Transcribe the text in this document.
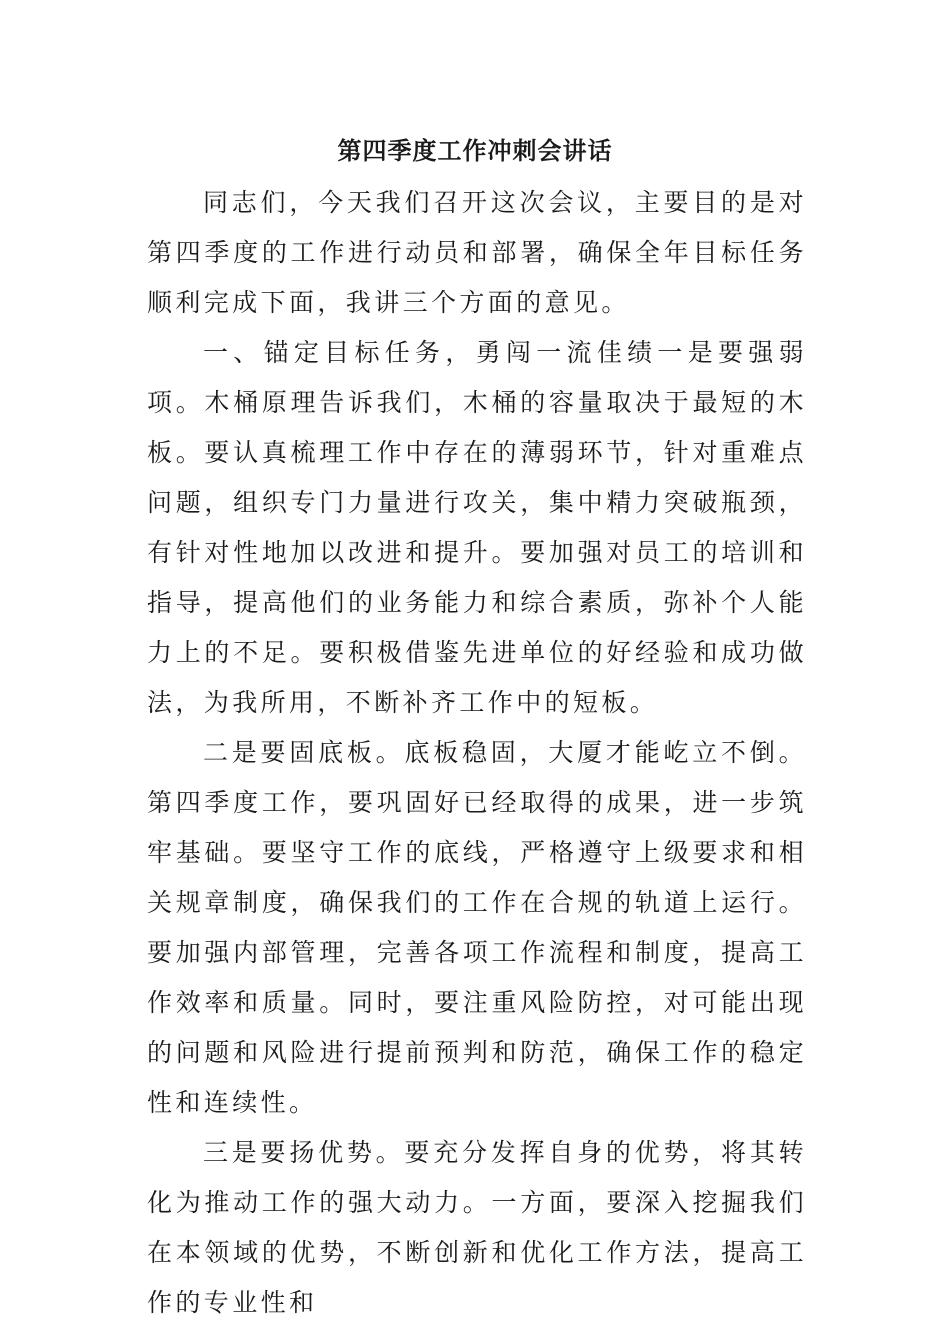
第四季度工作冲刺会讲话

同志们，今天我们召开这次会议，主要目的是对第四季度的工作进行动员和部署，确保全年目标任务顺利完成下面，我讲三个方面的意见。

一、锚定目标任务，勇闯一流佳绩一是要强弱项。木桶原理告诉我们，木桶的容量取决于最短的木板。要认真梳理工作中存在的薄弱环节，针对重难点问题，组织专门力量进行攻关，集中精力突破瓶颈，有针对性地加以改进和提升。要加强对员工的培训和指导，提高他们的业务能力和综合素质，弥补个人能力上的不足。要积极借鉴先进单位的好经验和成功做法，为我所用，不断补齐工作中的短板。

二是要固底板。底板稳固，大厦才能屹立不倒。第四季度工作，要巩固好已经取得的成果，进一步筑牢基础。要坚守工作的底线，严格遵守上级要求和相关规章制度，确保我们的工作在合规的轨道上运行。要加强内部管理，完善各项工作流程和制度，提高工作效率和质量。同时，要注重风险防控，对可能出现的问题和风险进行提前预判和防范，确保工作的稳定性和连续性。

三是要扬优势。要充分发挥自身的优势，将其转化为推动工作的强大动力。一方面，要深入挖掘我们在本领域的优势，不断创新和优化工作方法，提高工作的专业性和
